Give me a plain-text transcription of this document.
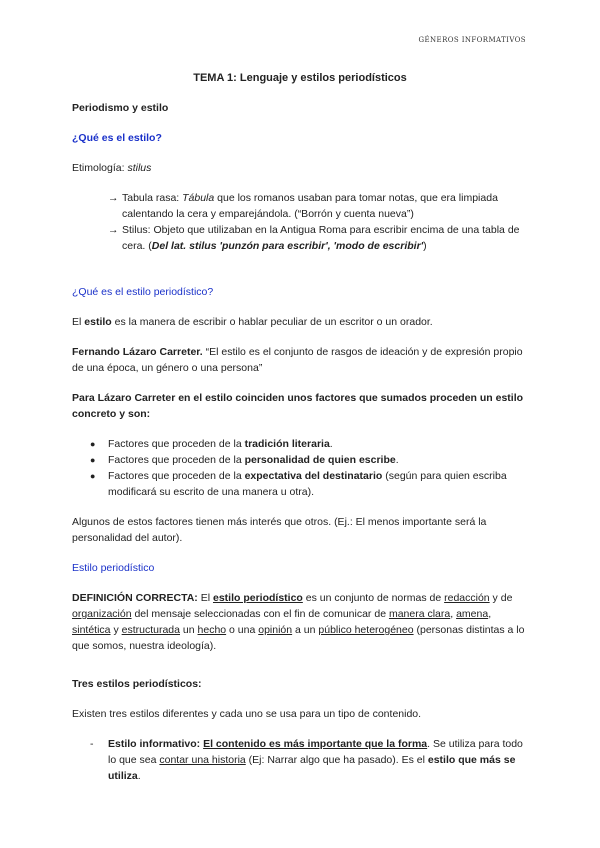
GÉNEROS INFORMATIVOS
TEMA 1: Lenguaje y estilos periodísticos
Periodismo y estilo
¿Qué es el estilo?

Etimología: stilus

→ Tabula rasa: Tábula que los romanos usaban para tomar notas, que era limpiada calentando la cera y emparejándola. (“Borrón y cuenta nueva”)
→ Stilus: Objeto que utilizaban en la Antigua Roma para escribir encima de una tabla de cera. (Del lat. stilus 'punzón para escribir', 'modo de escribir')
¿Qué es el estilo periodístico?

El estilo es la manera de escribir o hablar peculiar de un escritor o un orador.

Fernando Lázaro Carreter. “El estilo es el conjunto de rasgos de ideación y de expresión propio de una época, un género o una persona”

Para Lázaro Carreter en el estilo coinciden unos factores que sumados proceden un estilo concreto y son:

● Factores que proceden de la tradición literaria.
● Factores que proceden de la personalidad de quien escribe.
● Factores que proceden de la expectativa del destinatario (según para quien escriba modificará su escrito de una manera u otra).

Algunos de estos factores tienen más interés que otros. (Ej.: El menos importante será la personalidad del autor).

Estilo periodístico

DEFINICIÓN CORRECTA: El estilo periodístico es un conjunto de normas de redacción y de organización del mensaje seleccionadas con el fin de comunicar de manera clara, amena, sintética y estructurada un hecho o una opinión a un público heterogéneo (personas distintas a lo que somos, nuestra ideología).

Tres estilos periodísticos:

Existen tres estilos diferentes y cada uno se usa para un tipo de contenido.

- Estilo informativo: El contenido es más importante que la forma. Se utiliza para todo lo que sea contar una historia (Ej: Narrar algo que ha pasado). Es el estilo que más se utiliza.
